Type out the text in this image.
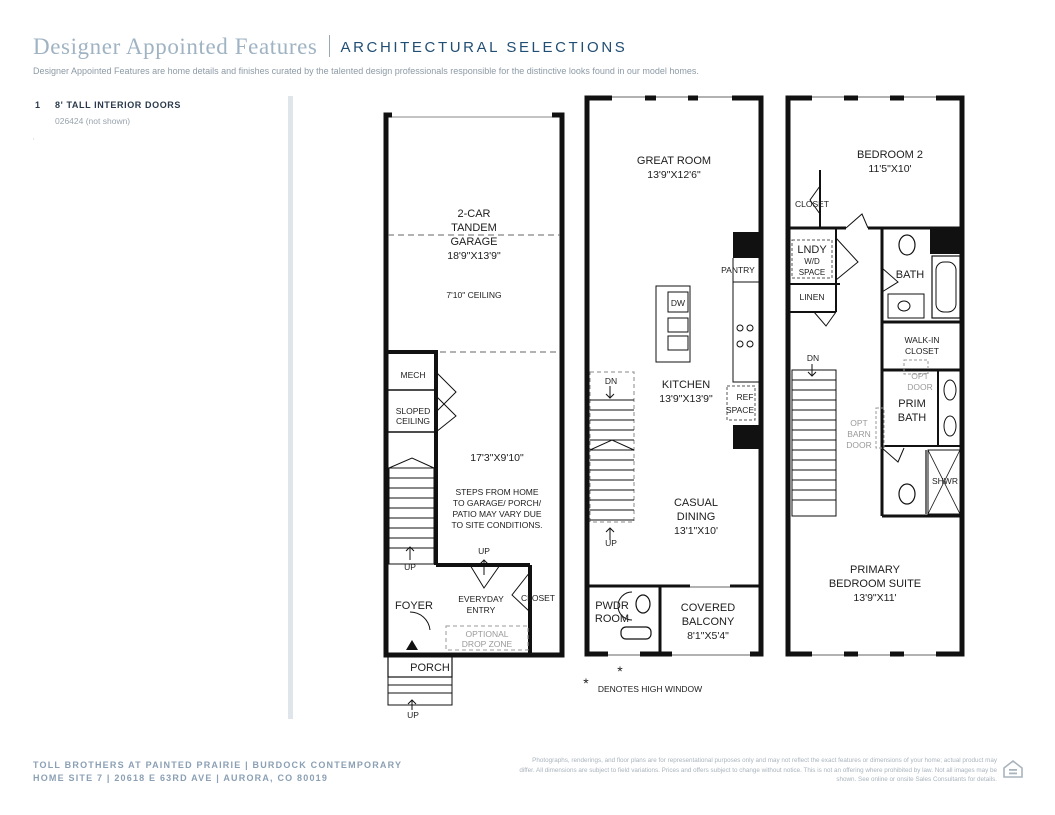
Designer Appointed Features ARCHITECTURAL SELECTIONS
Designer Appointed Features are home details and finishes curated by the talented design professionals responsible for the distinctive looks found in our model homes.
1 8' TALL INTERIOR DOORS
026424 (not shown)
‘
2-CAR
TANDEM
GARAGE
18'9"X13'9"
7'10" CEILING
MECH
SLOPED
CEILING
17'3"X9'10"
STEPS FROM HOME
TO GARAGE/ PORCH/
PATIO MAY VARY DUE
TO SITE CONDITIONS.
UP
UP
FOYER
EVERYDAY
ENTRY
CLOSET
OPTIONAL
DROP ZONE
PORCH
UP
GREAT ROOM
13'9"X12'6"
PANTRY
DW
KITCHEN
13'9"X13'9"	REF
SPACE
DN
UP
CASUAL
DINING
13'1"X10'
PWDR
ROOM
COVERED
BALCONY
8'1"X5'4"
*
* DENOTES HIGH WINDOW
BEDROOM 2
11'5"X10'
CLOSET
LNDY
W/D
SPACE
LINEN
BATH
WALK-IN
CLOSET
OPT
DOOR
PRIM
BATH
OPT
BARN
DOOR
SHWR
DN
PRIMARY
BEDROOM SUITE
13'9"X11'
TOLL BROTHERS AT PAINTED PRAIRIE | BURDOCK CONTEMPORARY
HOME SITE 7 | 20618 E 63RD AVE | AURORA, CO 80019
Photographs, renderings, and floor plans are for representational purposes only and may not reflect the exact features or dimensions of your home; actual product may differ. All dimensions are subject to field variations. Prices and offers subject to change without notice. This is not an offering where prohibited by law. Not all images may be shown. See online or onsite Sales Consultants for details.
